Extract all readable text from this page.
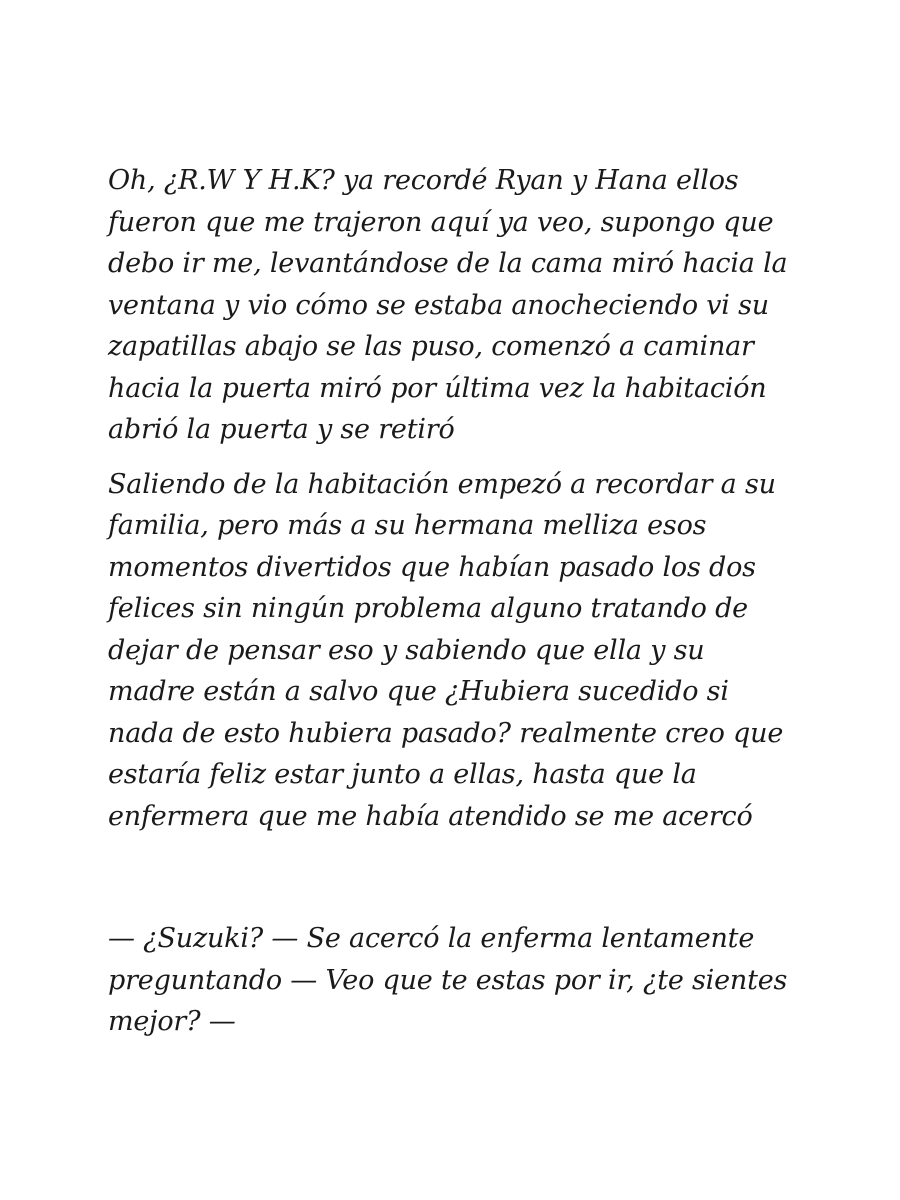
Oh, ¿R.W Y H.K? ya recordé Ryan y Hana ellos
fueron que me trajeron aquí ya veo, supongo que
debo ir me, levantándose de la cama miró hacia la
ventana y vio cómo se estaba anocheciendo vi su
zapatillas abajo se las puso, comenzó a caminar
hacia la puerta miró por última vez la habitación
abrió la puerta y se retiró
Saliendo de la habitación empezó a recordar a su
familia, pero más a su hermana melliza esos
momentos divertidos que habían pasado los dos
felices sin ningún problema alguno tratando de
dejar de pensar eso y sabiendo que ella y su
madre están a salvo que ¿Hubiera sucedido si
nada de esto hubiera pasado? realmente creo que
estaría feliz estar junto a ellas, hasta que la
enfermera que me había atendido se me acercó
— ¿Suzuki? — Se acercó la enferma lentamente
preguntando — Veo que te estas por ir, ¿te sientes
mejor? —
